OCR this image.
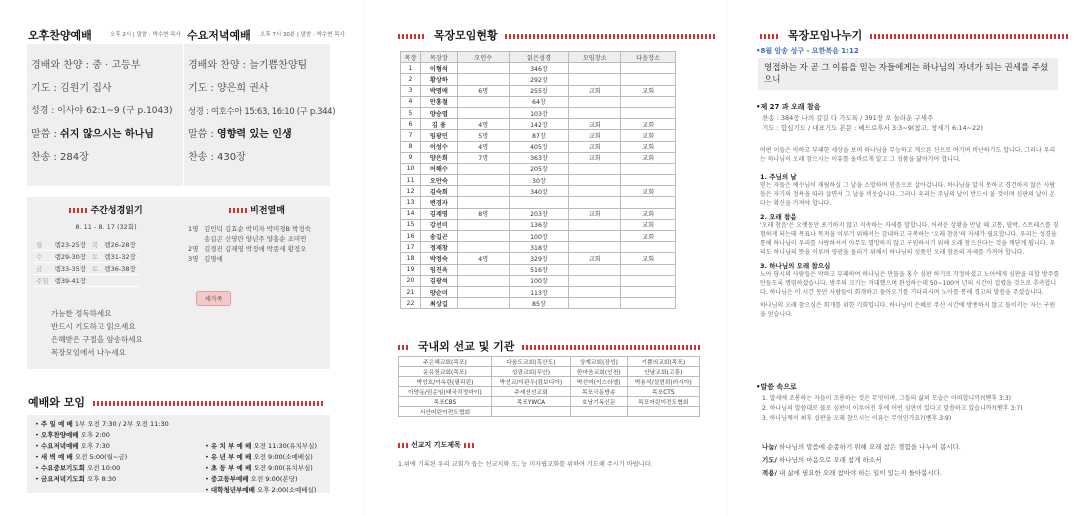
오후찬양예배	오후 2시 | 말씀 : 박수현 목사 수요저녁예배 오후 7시 30분 | 말씀 : 박수현 목사
경배와 찬양 : 중 · 고등부
기도 : 김원기 집사
성경 : 이사야 62:1~9 (구 p.1043)
말씀 : 쉬지 않으시는 하나님
찬송 : 284장
경배와 찬양 : 늘기쁨찬양팀
기도 : 양은희 권사
성경 : 여호수아 15:63, 16:10 (구 p.344)
말씀 : 영향력 있는 인생
찬송 : 430장
주간성경읽기
8. 11 - 8. 17 (32회)
월	렘23-25장	목	렘26-28장
수	렘29-30장	토	렘31-32장
금	렘33-35장	토	렘36-38장
주일	렘39-41장		
가능한 정독하세요
반드시 기도하고 읽으세요
은혜받은 구절을 암송하세요
목장모임에서 나누세요
비전열매
1명 김민덕 김효순 박미자 박미경B 박정숙
송길곤 신영란 양년주 양홍순 조미연
2명 김경진 김재영 박정애 박종세 황정오
3명 김명애
새가족
예배와 모임
• 주 일 예 배 1부 오전 7:30 / 2부 오전 11:30
• 오후찬양예배 오후 2:00
• 수요저녁예배 오후 7:30
• 새 벽 예 배 오전 5:00(월~금)
• 수요중보기도회 오전 10:00
• 금요저녁기도회 오후 8:30
• 유 치 부 예 배 오전 11:30(유치부실)
• 유 년 부 예 배 오전 9:00(소예배실)
• 초 등 부 예 배 오전 9:00(유치부실)
• 중고등부예배 오전 9:00(본당)
• 대학청년부예배 오후 2:00(소예배실)
목장모임현황
목장	목장장	모인수	읽은성경	모임장소	다음장소
1	이형석		346장		
2	황상하		292장		
3	박명애	6명	255장	교회	교회
4	안홍철		64장		
5	양승엽		103장		
6	김 용	4명	142장	교회	교회
7	임광민	5명	87장	교회	교회
8	이성수	4명	405장	교회	교회
9	양은희	7명	363장	교회	교회
10	어해수		205장		
11	오만숙		30장		
12	김숙희		340장		교회
13	변경자				
14	김재영	8명	203장	교회	교회
15	강선미		136장		교회
16	송길곤		100장		교회
17	정재창		318장		
18	박정숙	4명	329장	교회	교회
19	임진옥		516장		
20	김광석		100장		
21	양순미		113장		
22	최상길		85장		
국내외 선교 및 기관
주은혜교회(목포)	다움도교회(흑산도)	상계교회(장성)	기쁨의교회(목포)
운유천교회(목포)	성광교회(무안)	한마음교회(인천)	안날교회(고흥)
박성호/이옥란(필리핀)	박선교/이판우(캄보디아)	박선미(이스라엘)	박용석/설현희(러시아)
이양동/권순임(태국작정마이)	주세선선교회	목포극동방송	목포CTS
목포CBS	목포YWCA	호남기독신문	목포어린이전도협회
서산어린이전도협회			
선교지 기도제목
1.위에 기록된 우리 교회가 돕는 선교지와 도, 능 미자립교회를 위하여 기도해 주시기 바랍니다.
목장모임나누기
•8월 암송 성구 - 요한복음 1:12
영접하는 자 곧 그 이름을 믿는 자들에게는 하나님의 자녀가 되는 권세를 주셨으니
•제 27 과 오래 참음
찬송 : 384장 나의 갈길 다 가도록 / 391장 오 놀라운 구세주
기도 : 합심기도 / 대표기도 본문 : 베드로후서 3:3~9(참고, 창세기 6:14~22)
어떤 이들은 악하고 부패한 세상을 보며 하나님을 무능하고 게으른 신으로 여기며 비난하기도 합니다. 그러나 우리는 하나님이 오래 참으시는 이유를 올바르게 알고 그 성품을 닮아가야 합니다.
1. 주님의 날
믿는 자들은 예수님이 재림하실 그 날을 소망하며 믿음으로 살아갑니다. 하나님을 알지 못하고 경건하지 않은 사람들은 자기의 정욕을 따라 살면서 그 날을 비웃습니다. 그러나 우리는 주님의 날이 반드시 올 것이며 심판의 날이 온다는 확신을 가져야 합니다.
2. 오래 참음
'오래 참음'은 오랫동안 포기하지 않고 지속하는 자세를 말합니다. 어려운 상황을 만날 때 고통, 핍박, 스트레스를 경험하게 되는데 목표나 목적을 이루기 위해서는 감내하고 극복하는 '오래 참음'의 자세가 필요합니다. 우리는 성경을 통해 하나님이 우리를 사랑하셔서 아무도 멸망하지 않고 구원하시기 위해 오래 참으신다는 것을 깨닫게 됩니다. 우리도 하나님의 뜻을 이루며 영광을 돌리기 위해서 하나님의 성품인 오래 참음의 자세를 가져야 합니다.
3. 하나님의 오래 참으심
노아 당시의 사람들은 악하고 부패하여 하나님은 만물을 홍수 심판 하기로 작정하셨고 노아에게 심판을 피할 방주를 만들도록 명령하셨습니다. 방주의 크기는 거대했으며 완성하는데 50~100여 년의 시간이 걸렸을 것으로 추측합니다. 하나님은 이 시간 동안 사람들이 회개하고 돌아오기를 기다리시며 노아를 통해 경고의 말씀을 주셨습니다.
하나님의 오래 참으심은 회개를 위한 기회입니다. 하나님이 은혜로 주신 시간에 방종하지 않고 돌이키는 자는 구원을 얻습니다.
•말씀 속으로
1. 말세에 조롱하는 자들이 조롱하는 것은 무엇이며, 그들의 삶의 모습은 어떠합니까?(벧후 3:3)
2. 하나님의 말씀대로 물로 심판이 이루어진 후에 어떤 심판이 있다고 말씀하고 있습니까?(벧후 3:7)
3. 하나님께서 최후 심판을 오래 참으시는 이유는 무엇인가요?(벧후 3:9)
나눔/ 하나님의 말씀에 순종하기 위해 오래 참은 경험을 나누어 봅시다.
기도/ 하나님의 마음으로 오래 참게 하소서
적용/ 내 삶에 필요한 오래 참아야 하는 일이 있는지 돌아봅시다.
